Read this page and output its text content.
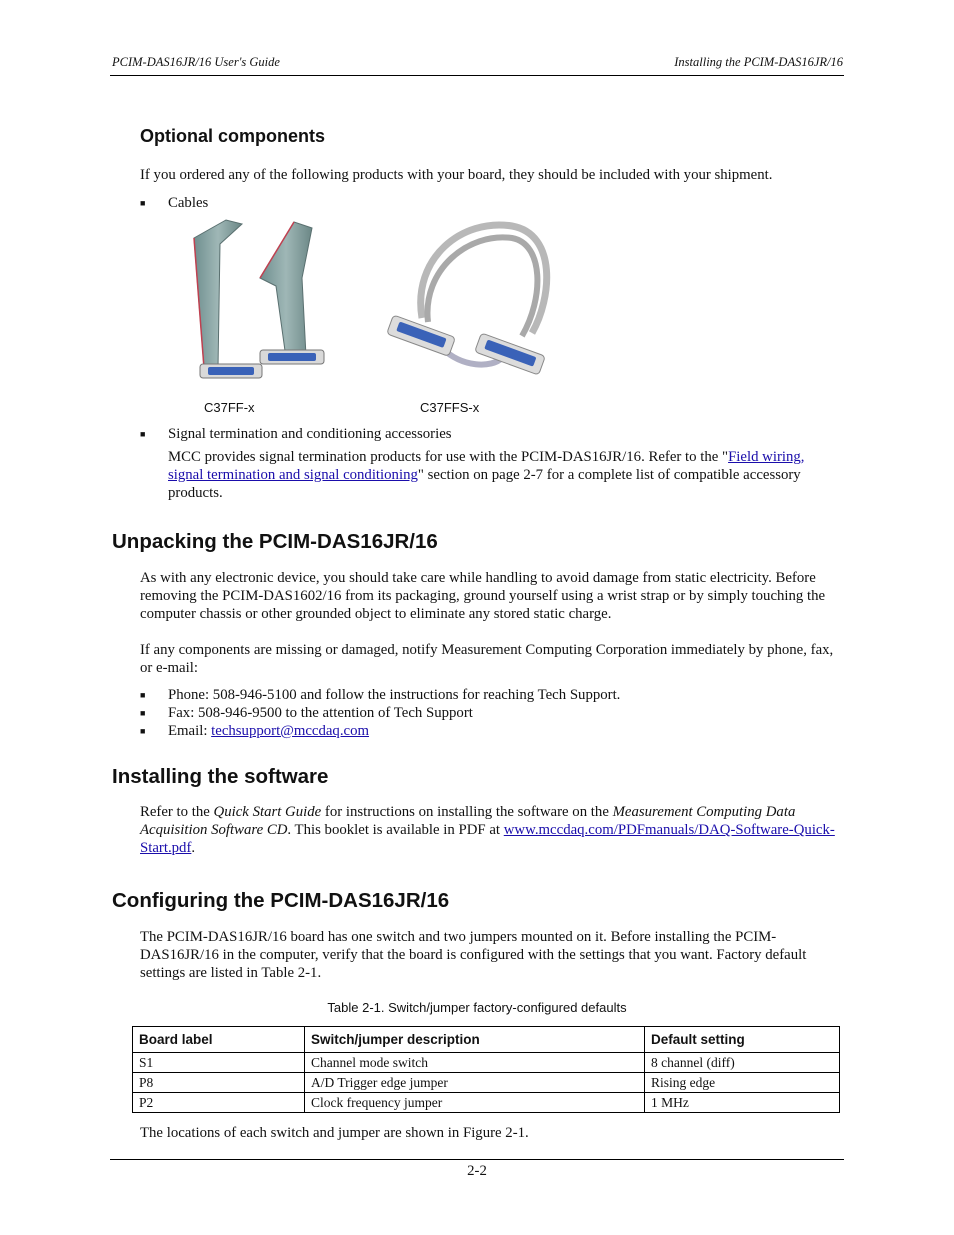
PCIM-DAS16JR/16 User's Guide	Installing the PCIM-DAS16JR/16
Optional components
If you ordered any of the following products with your board, they should be included with your shipment.
■ Cables
C37FF-x	C37FFS-x
■ Signal termination and conditioning accessories
MCC provides signal termination products for use with the PCIM-DAS16JR/16. Refer to the "Field wiring, signal termination and signal conditioning" section on page 2-7 for a complete list of compatible accessory products.
Unpacking the PCIM-DAS16JR/16
As with any electronic device, you should take care while handling to avoid damage from static electricity. Before removing the PCIM-DAS1602/16 from its packaging, ground yourself using a wrist strap or by simply touching the computer chassis or other grounded object to eliminate any stored static charge.
If any components are missing or damaged, notify Measurement Computing Corporation immediately by phone, fax, or e-mail:
■ Phone: 508-946-5100 and follow the instructions for reaching Tech Support.
■ Fax: 508-946-9500 to the attention of Tech Support
■ Email: techsupport@mccdaq.com
Installing the software
Refer to the Quick Start Guide for instructions on installing the software on the Measurement Computing Data Acquisition Software CD. This booklet is available in PDF at www.mccdaq.com/PDFmanuals/DAQ-Software-Quick-Start.pdf.
Configuring the PCIM-DAS16JR/16
The PCIM-DAS16JR/16 board has one switch and two jumpers mounted on it. Before installing the PCIM-DAS16JR/16 in the computer, verify that the board is configured with the settings that you want. Factory default settings are listed in Table 2-1.
Table 2-1. Switch/jumper factory-configured defaults
Board label	Switch/jumper description	Default setting
S1	Channel mode switch	8 channel (diff)
P8	A/D Trigger edge jumper	Rising edge
P2	Clock frequency jumper	1 MHz
The locations of each switch and jumper are shown in Figure 2-1.
2-2
